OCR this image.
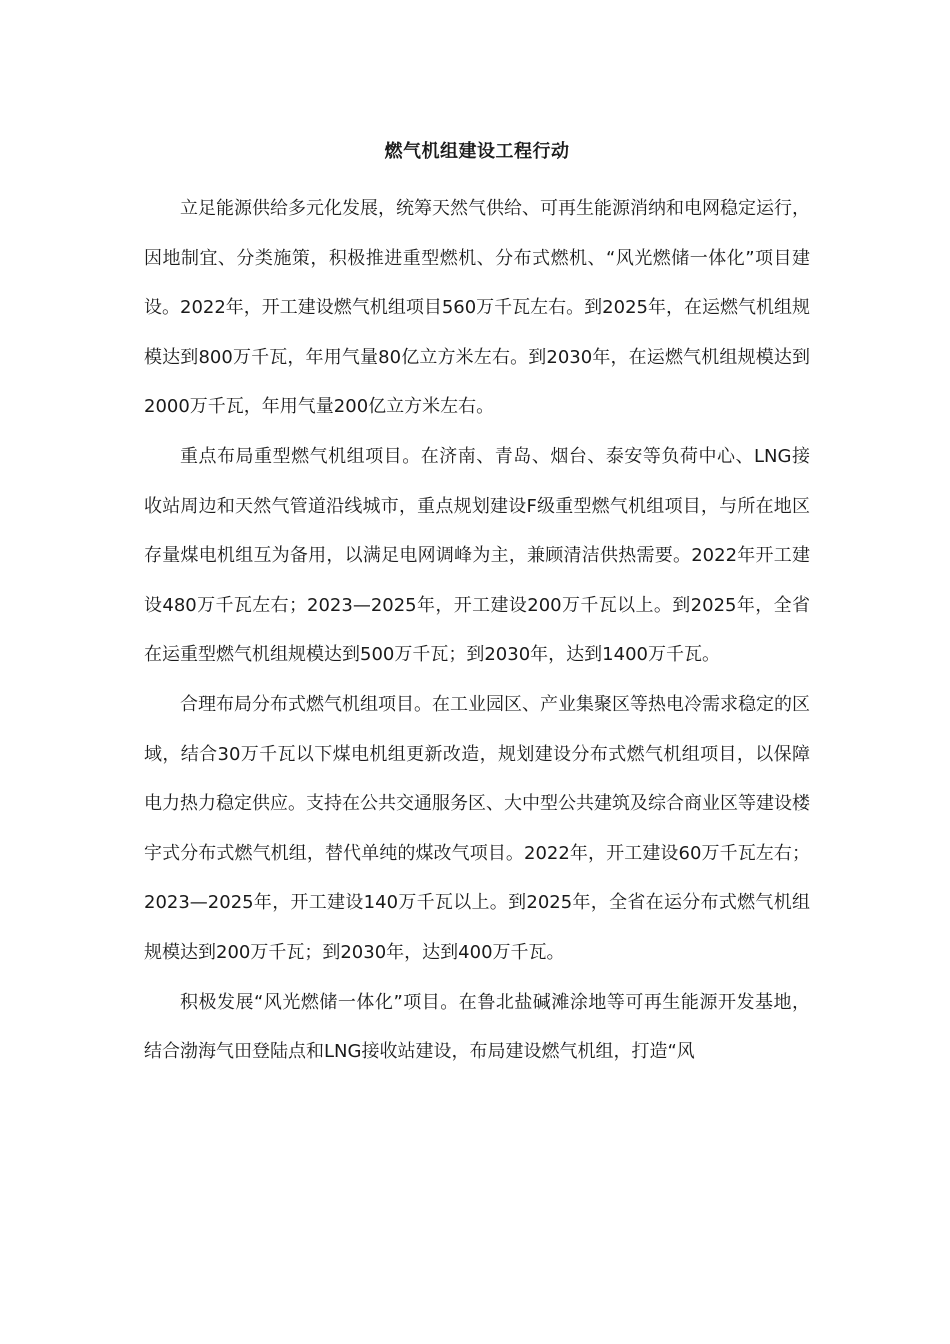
燃气机组建设工程行动

立足能源供给多元化发展，统筹天然气供给、可再生能源消纳和电网稳定运行，因地制宜、分类施策，积极推进重型燃机、分布式燃机、“风光燃储一体化”项目建设。2022年，开工建设燃气机组项目560万千瓦左右。到2025年，在运燃气机组规模达到800万千瓦，年用气量80亿立方米左右。到2030年，在运燃气机组规模达到2000万千瓦，年用气量200亿立方米左右。

重点布局重型燃气机组项目。在济南、青岛、烟台、泰安等负荷中心、LNG接收站周边和天然气管道沿线城市，重点规划建设F级重型燃气机组项目，与所在地区存量煤电机组互为备用，以满足电网调峰为主，兼顾清洁供热需要。2022年开工建设480万千瓦左右；2023—2025年，开工建设200万千瓦以上。到2025年，全省在运重型燃气机组规模达到500万千瓦；到2030年，达到1400万千瓦。

合理布局分布式燃气机组项目。在工业园区、产业集聚区等热电冷需求稳定的区域，结合30万千瓦以下煤电机组更新改造，规划建设分布式燃气机组项目，以保障电力热力稳定供应。支持在公共交通服务区、大中型公共建筑及综合商业区等建设楼宇式分布式燃气机组，替代单纯的煤改气项目。2022年，开工建设60万千瓦左右；2023—2025年，开工建设140万千瓦以上。到2025年，全省在运分布式燃气机组规模达到200万千瓦；到2030年，达到400万千瓦。

积极发展“风光燃储一体化”项目。在鲁北盐碱滩涂地等可再生能源开发基地，结合渤海气田登陆点和LNG接收站建设，布局建设燃气机组，打造“风
